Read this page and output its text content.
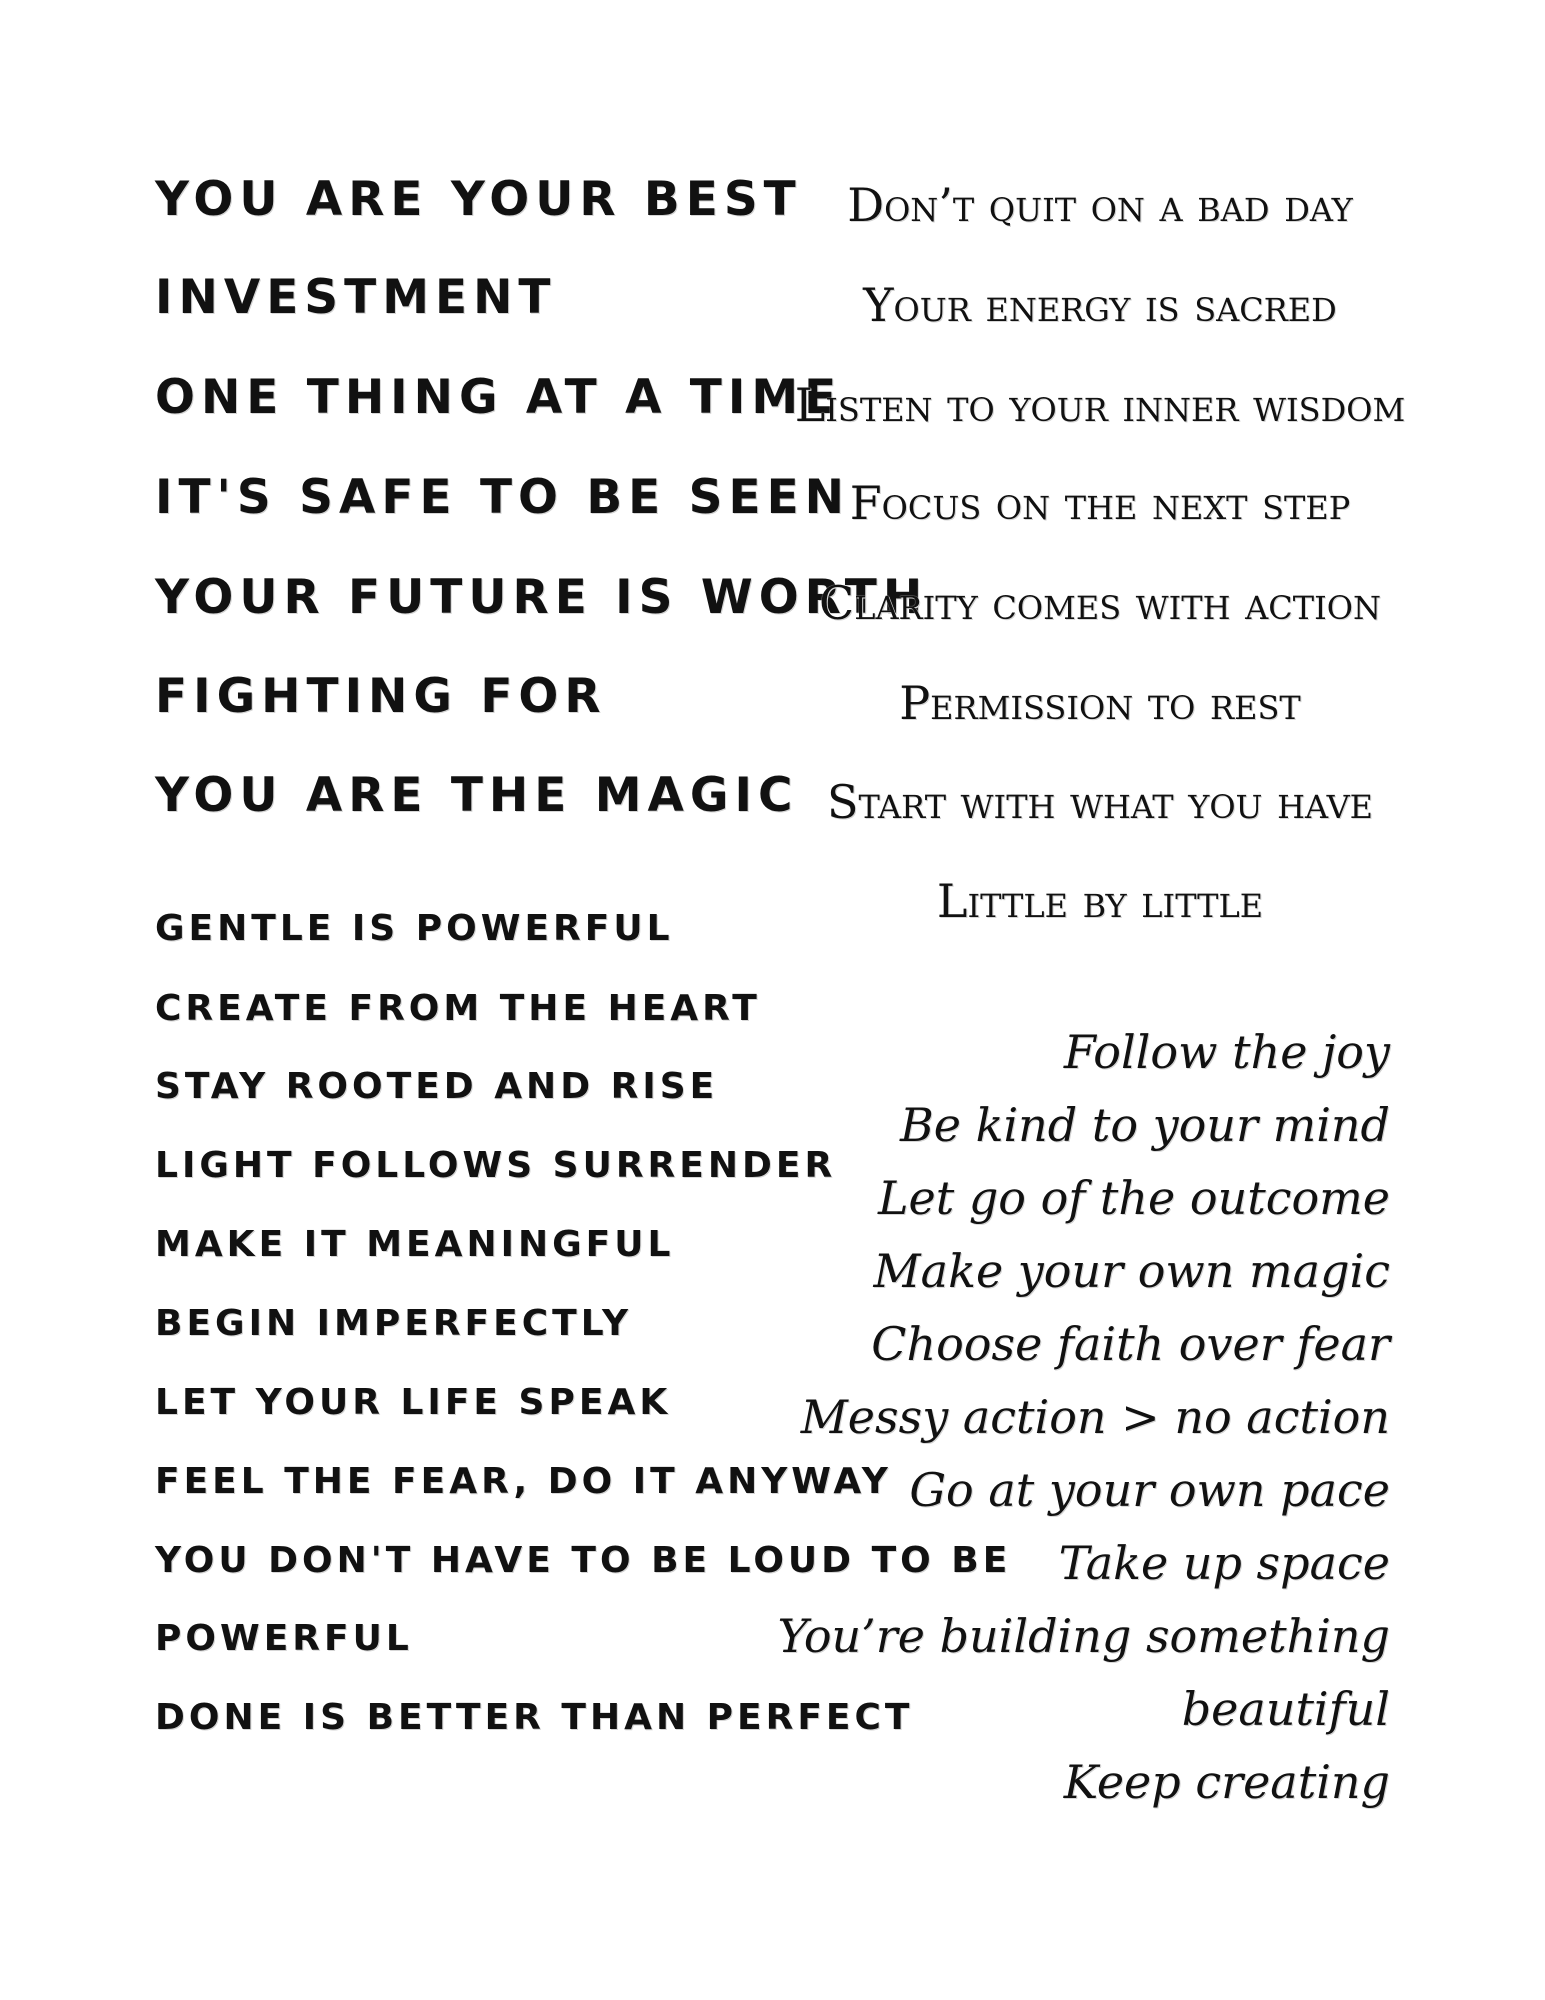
YOU ARE YOUR BEST
INVESTMENT
ONE THING AT A TIME
IT'S SAFE TO BE SEEN
YOUR FUTURE IS WORTH
FIGHTING FOR
YOU ARE THE MAGIC
GENTLE IS POWERFUL
CREATE FROM THE HEART
STAY ROOTED AND RISE
LIGHT FOLLOWS SURRENDER
MAKE IT MEANINGFUL
BEGIN IMPERFECTLY
LET YOUR LIFE SPEAK
FEEL THE FEAR, DO IT ANYWAY
YOU DON'T HAVE TO BE LOUD TO BE
POWERFUL
DONE IS BETTER THAN PERFECT
Don’t quit on a bad day
Your energy is sacred
Listen to your inner wisdom
Focus on the next step
Clarity comes with action
Permission to rest
Start with what you have
Little by little
Follow the joy
Be kind to your mind
Let go of the outcome
Make your own magic
Choose faith over fear
Messy action > no action
Go at your own pace
Take up space
You’re building something
beautiful
Keep creating
